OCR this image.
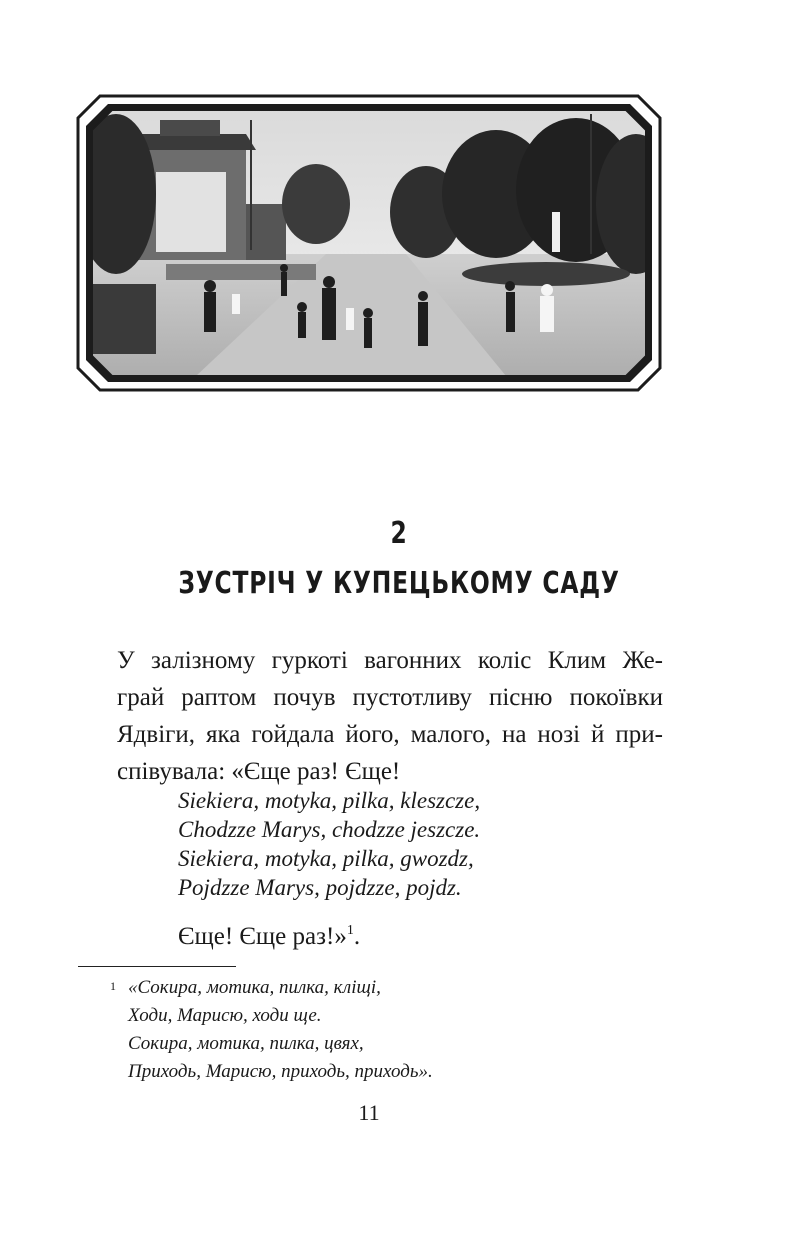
2
ЗУСТРІЧ У КУПЕЦЬКОМУ САДУ
У залізному гуркоті вагонних коліс Клим Же-
грай раптом почув пустотливу пісню покоївки
Ядвіги, яка гойдала його, малого, на нозі й при-
співувала: «Єще раз! Єще!
Siekiera, motyka, pilka, kleszcze,
Chodzze Marys, chodzze jeszcze.
Siekiera, motyka, pilka, gwozdz,
Pojdzze Marys, pojdzze, pojdz.
Єще! Єще раз!»$^1$.
1 «Сокира, мотика, пилка, кліщі,
Ходи, Марисю, ходи ще.
Сокира, мотика, пилка, цвях,
Приходь, Марисю, приходь, приходь».
11
